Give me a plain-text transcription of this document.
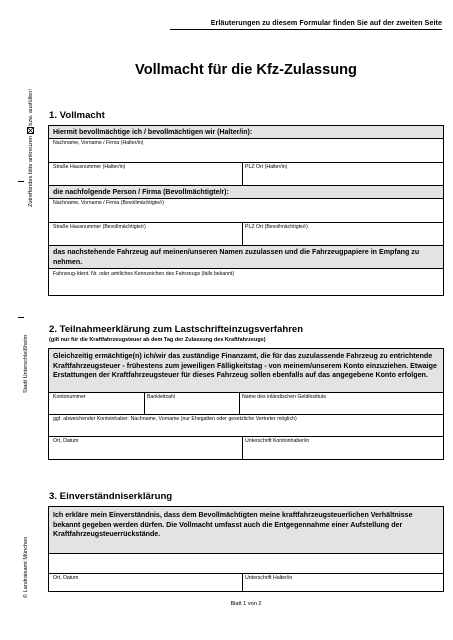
Erläuterungen zu diesem Formular finden Sie auf der zweiten Seite
Vollmacht für die Kfz-Zulassung
Zutreffendes bitte ankreuzen
bzw. ausfüllen!
Stadt Unterschleißheim
© Landratsamt München
1. Vollmacht
Hiermit bevollmächtige ich / bevollmächtigen wir (Halter/in):
Nachname, Vorname / Firma (Halter/in)
Straße Hausnummer (Halter/in)	PLZ Ort (Halter/in)
die nachfolgende Person / Firma (Bevollmächtigte/r):
Nachname, Vorname / Firma (Bevollmächtigte/r)
Straße Hausnummer (Bevollmächtigte/r)	PLZ Ort (Bevollmächtigte/r)
das nachstehende Fahrzeug auf meinen/unseren Namen zuzulassen und die Fahrzeugpapiere in Empfang zu nehmen.
Fahrzeug-Ident. Nr. oder amtliches Kennzeichen des Fahrzeugs (falls bekannt)
2. Teilnahmeerklärung zum Lastschrifteinzugsverfahren
(gilt nur für die Kraftfahrzeugsteuer ab dem Tag der Zulassung des Kraftfahrzeugs)
Gleichzeitig ermächtige(n) ich/wir das zuständige Finanzamt, die für das zuzulassende Fahrzeug zu entrichtende Kraftfahrzeugsteuer - frühestens zum jeweiligen Fälligkeitstag - von meinem/unserem Konto einzuziehen. Etwaige Erstattungen der Kraftfahrzeugsteuer für dieses Fahrzeug sollen ebenfalls auf das angegebene Konto erfolgen.
Kontonummer	Bankleitzahl	Name des inländischen Geldinstituts
ggf. abweichender Kontoinhaber: Nachname, Vorname (nur Ehegatten oder gesetzliche Vertreter möglich)
Ort, Datum	Unterschrift Kontoinhaber/in
3. Einverständniserklärung
Ich erkläre mein Einverständnis, dass dem Bevollmächtigten meine kraftfahrzeugsteuerlichen Verhältnisse bekannt gegeben werden dürfen. Die Vollmacht umfasst auch die Entgegennahme einer Aufstellung der Kraftfahrzeugsteuerrückstände.
Ort, Datum	Unterschrift Halter/in
Blatt 1 von 2
